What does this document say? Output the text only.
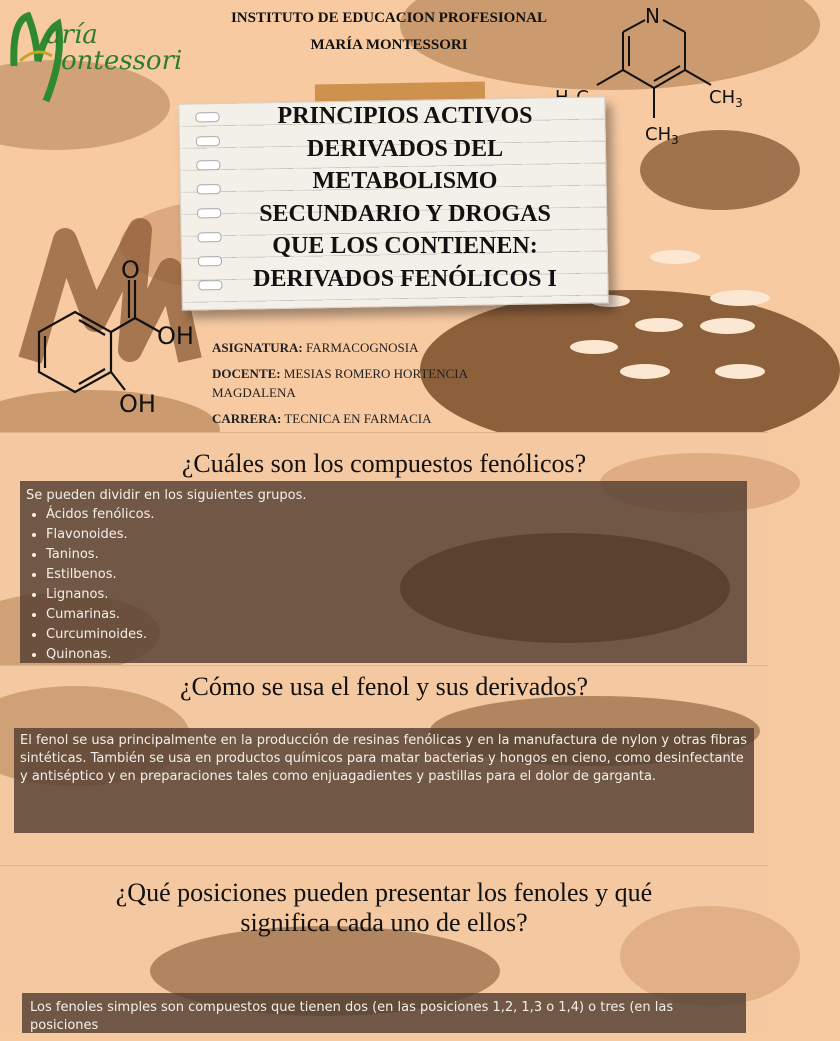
aría
ontessori
INSTITUTO DE EDUCACION PROFESIONAL
MARÍA MONTESSORI
N
$CH_3$
$CH_3$
O
OH
OH
PRINCIPIOS ACTIVOS
DERIVADOS DEL
METABOLISMO
SECUNDARIO Y DROGAS
QUE LOS CONTIENEN:
DERIVADOS FENÓLICOS I
ASIGNATURA: FARMACOGNOSIA
DOCENTE: MESIAS ROMERO HORTENCIA
MAGDALENA
CARRERA: TECNICA EN FARMACIA
¿Cuáles son los compuestos fenólicos?
Se pueden dividir en los siguientes grupos.
• Ácidos fenólicos.
• Flavonoides.
• Taninos.
• Estilbenos.
• Lignanos.
• Cumarinas.
• Curcuminoides.
• Quinonas.
¿Cómo se usa el fenol y sus derivados?
El fenol se usa principalmente en la producción de resinas fenólicas y en la manufactura de nylon y otras fibras sintéticas. También se usa en productos químicos para matar bacterias y hongos en cieno, como desinfectante y antiséptico y en preparaciones tales como enjuagadientes y pastillas para el dolor de garganta.
¿Qué posiciones pueden presentar los fenoles y qué
significa cada uno de ellos?
Los fenoles simples son compuestos que tienen dos (en las posiciones 1,2, 1,3 o 1,4) o tres (en las posiciones
